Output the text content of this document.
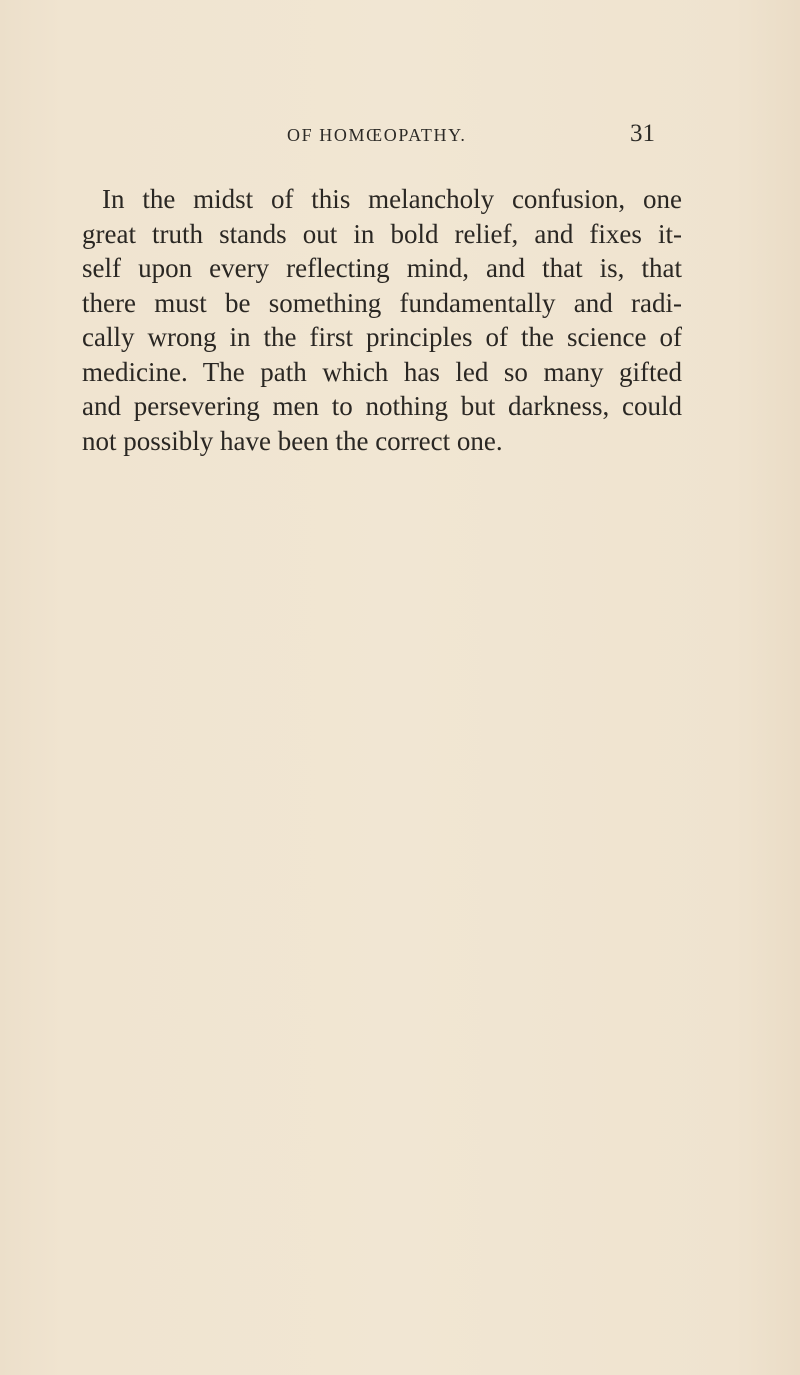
OF HOMŒOPATHY.	31
In the midst of this melancholy confusion, one
great truth stands out in bold relief, and fixes it-
self upon every reflecting mind, and that is, that
there must be something fundamentally and radi-
cally wrong in the first principles of the science of
medicine. The path which has led so many gifted
and persevering men to nothing but darkness, could
not possibly have been the correct one.
